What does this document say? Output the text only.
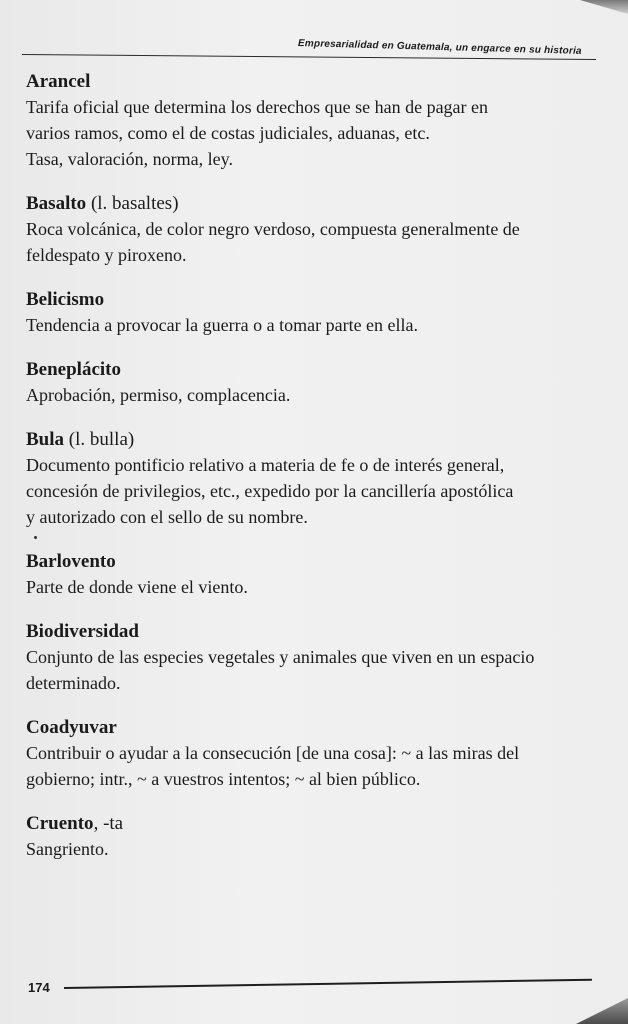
Empresarialidad en Guatemala, un engarce en su historia

Arancel

Tarifa oficial que determina los derechos que se han de pagar en

varios ramos, como el de costas judiciales, aduanas, etc.

Tasa, valoración, norma, ley.

Basalto (l. basaltes)

Roca volcánica, de color negro verdoso, compuesta generalmente de

feldespato y piroxeno.

Belicismo

Tendencia a provocar la guerra o a tomar parte en ella.

Beneplácito

Aprobación, permiso, complacencia.

Bula (l. bulla)

Documento pontificio relativo a materia de fe o de interés general,

concesión de privilegios, etc., expedido por la cancillería apostólica

y autorizado con el sello de su nombre.

Barlovento

Parte de donde viene el viento.

Biodiversidad

Conjunto de las especies vegetales y animales que viven en un espacio

determinado.

Coadyuvar

Contribuir o ayudar a la consecución [de una cosa]: ~ a las miras del

gobierno; intr., ~ a vuestros intentos; ~ al bien público.

Cruento, -ta

Sangriento.

174
